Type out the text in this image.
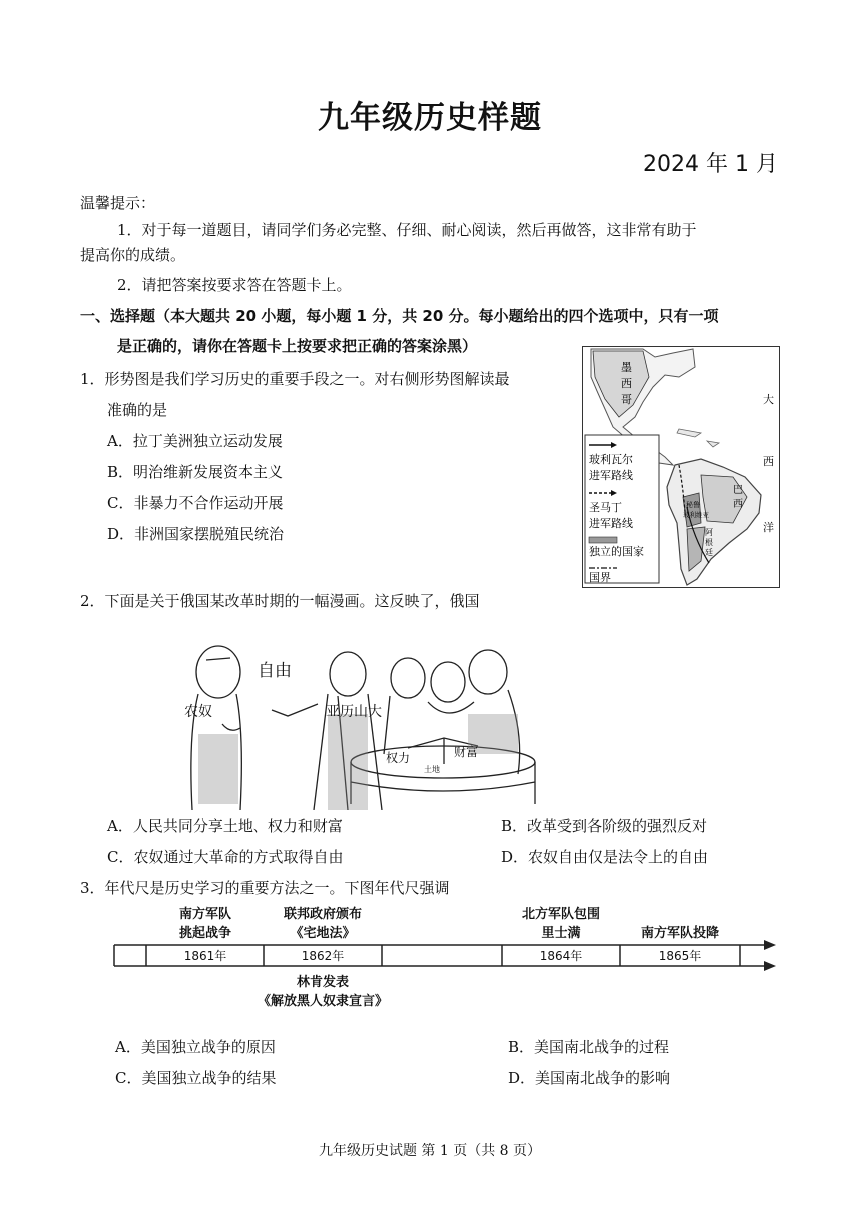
九年级历史样题
2024 年 1 月
温馨提示：
1．对于每一道题目，请同学们务必完整、仔细、耐心阅读，然后再做答，这非常有助于
提高你的成绩。
2．请把答案按要求答在答题卡上。
一、选择题（本大题共 20 小题，每小题 1 分，共 20 分。每小题给出的四个选项中，只有一项
是正确的，请你在答题卡上按要求把正确的答案涂黑）
1．形势图是我们学习历史的重要手段之一。对右侧形势图解读最
准确的是
A．拉丁美洲独立运动发展
B．明治维新发展资本主义
C．非暴力不合作运动开展
D．非洲国家摆脱殖民统治
墨
西
哥	大
西
洋
巴
西
阿
根
廷
秘鲁
玻利维亚
玻利瓦尔
进军路线
圣马丁
进军路线
独立的国家
国界
2．下面是关于俄国某改革时期的一幅漫画。这反映了，俄国
自由
农奴	亚历山大
权力	财富
土地
A．人民共同分享土地、权力和财富	B．改革受到各阶级的强烈反对
C．农奴通过大革命的方式取得自由	D．农奴自由仅是法令上的自由
3．年代尺是历史学习的重要方法之一。下图年代尺强调
1861年	1862年	1864年	1865年
南方军队
挑起战争
联邦政府颁布
《宅地法》
北方军队包围
里士满	南方军队投降
林肯发表
《解放黑人奴隶宣言》
A．美国独立战争的原因	B．美国南北战争的过程
C．美国独立战争的结果	D．美国南北战争的影响
九年级历史试题 第 1 页（共 8 页）
